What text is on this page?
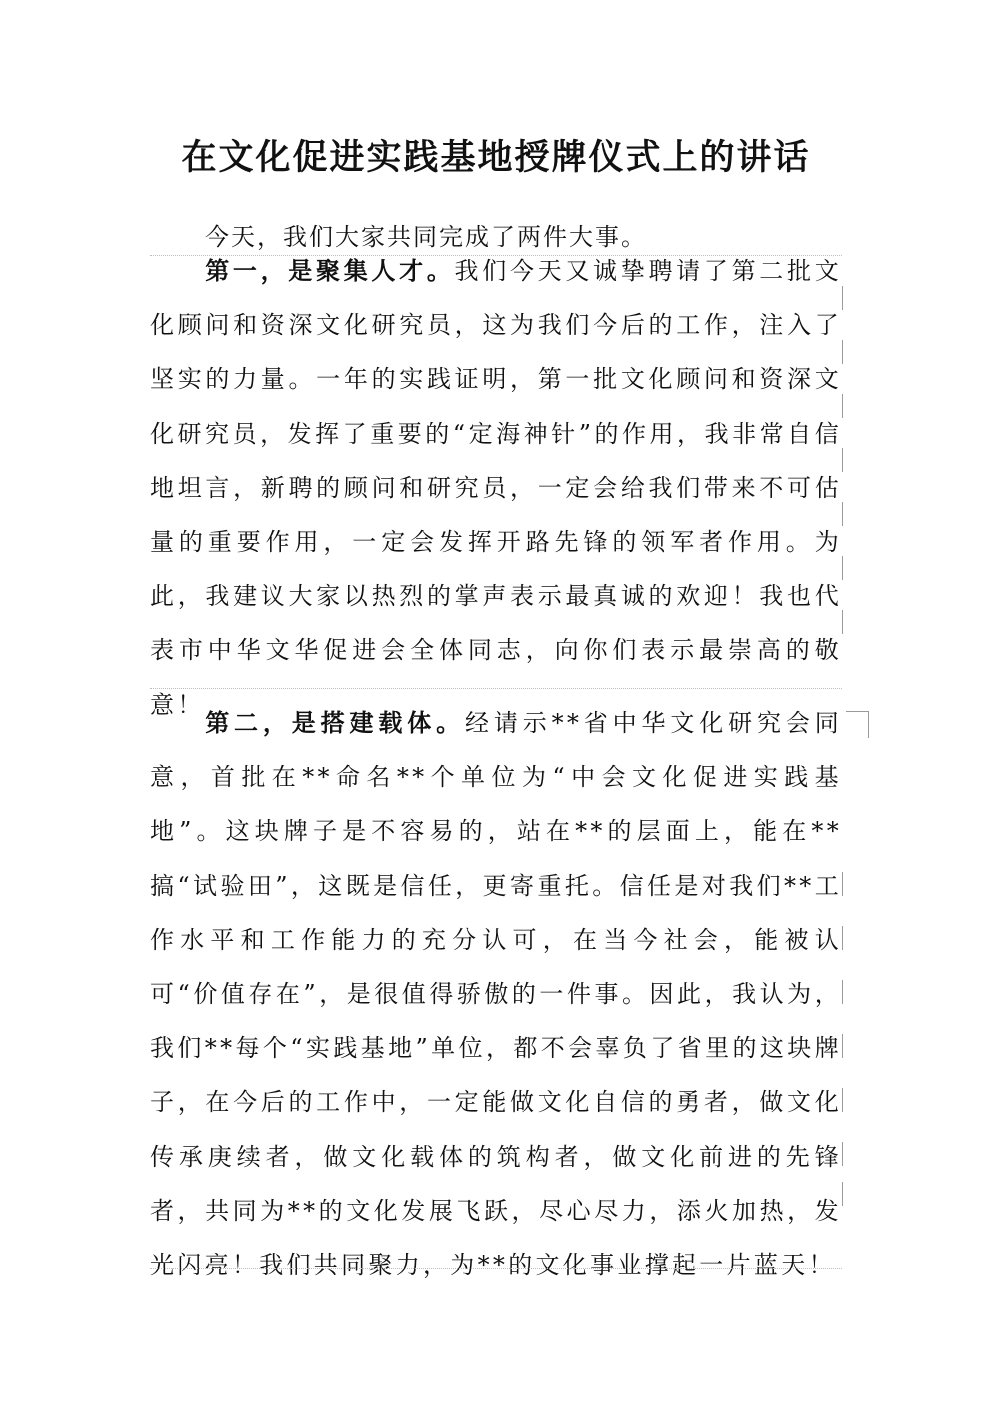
在文化促进实践基地授牌仪式上的讲话
今天，我们大家共同完成了两件大事。

第一，是聚集人才。我们今天又诚挚聘请了第二批文化顾问和资深文化研究员，这为我们今后的工作，注入了坚实的力量。一年的实践证明，第一批文化顾问和资深文化研究员，发挥了重要的“定海神针”的作用，我非常自信地坦言，新聘的顾问和研究员，一定会给我们带来不可估量的重要作用，一定会发挥开路先锋的领军者作用。为此，我建议大家以热烈的掌声表示最真诚的欢迎！我也代表市中华文华促进会全体同志，向你们表示最崇高的敬意！

第二，是搭建载体。经请示**省中华文化研究会同意，首批在**命名**个单位为“中会文化促进实践基地”。这块牌子是不容易的，站在**的层面上，能在**搞“试验田”，这既是信任，更寄重托。信任是对我们**工作水平和工作能力的充分认可，在当今社会，能被认可“价值存在”，是很值得骄傲的一件事。因此，我认为，我们**每个“实践基地”单位，都不会辜负了省里的这块牌子，在今后的工作中，一定能做文化自信的勇者，做文化传承庚续者，做文化载体的筑构者，做文化前进的先锋者，共同为**的文化发展飞跃，尽心尽力，添火加热，发光闪亮！我们共同聚力，为**的文化事业撑起一片蓝天！
